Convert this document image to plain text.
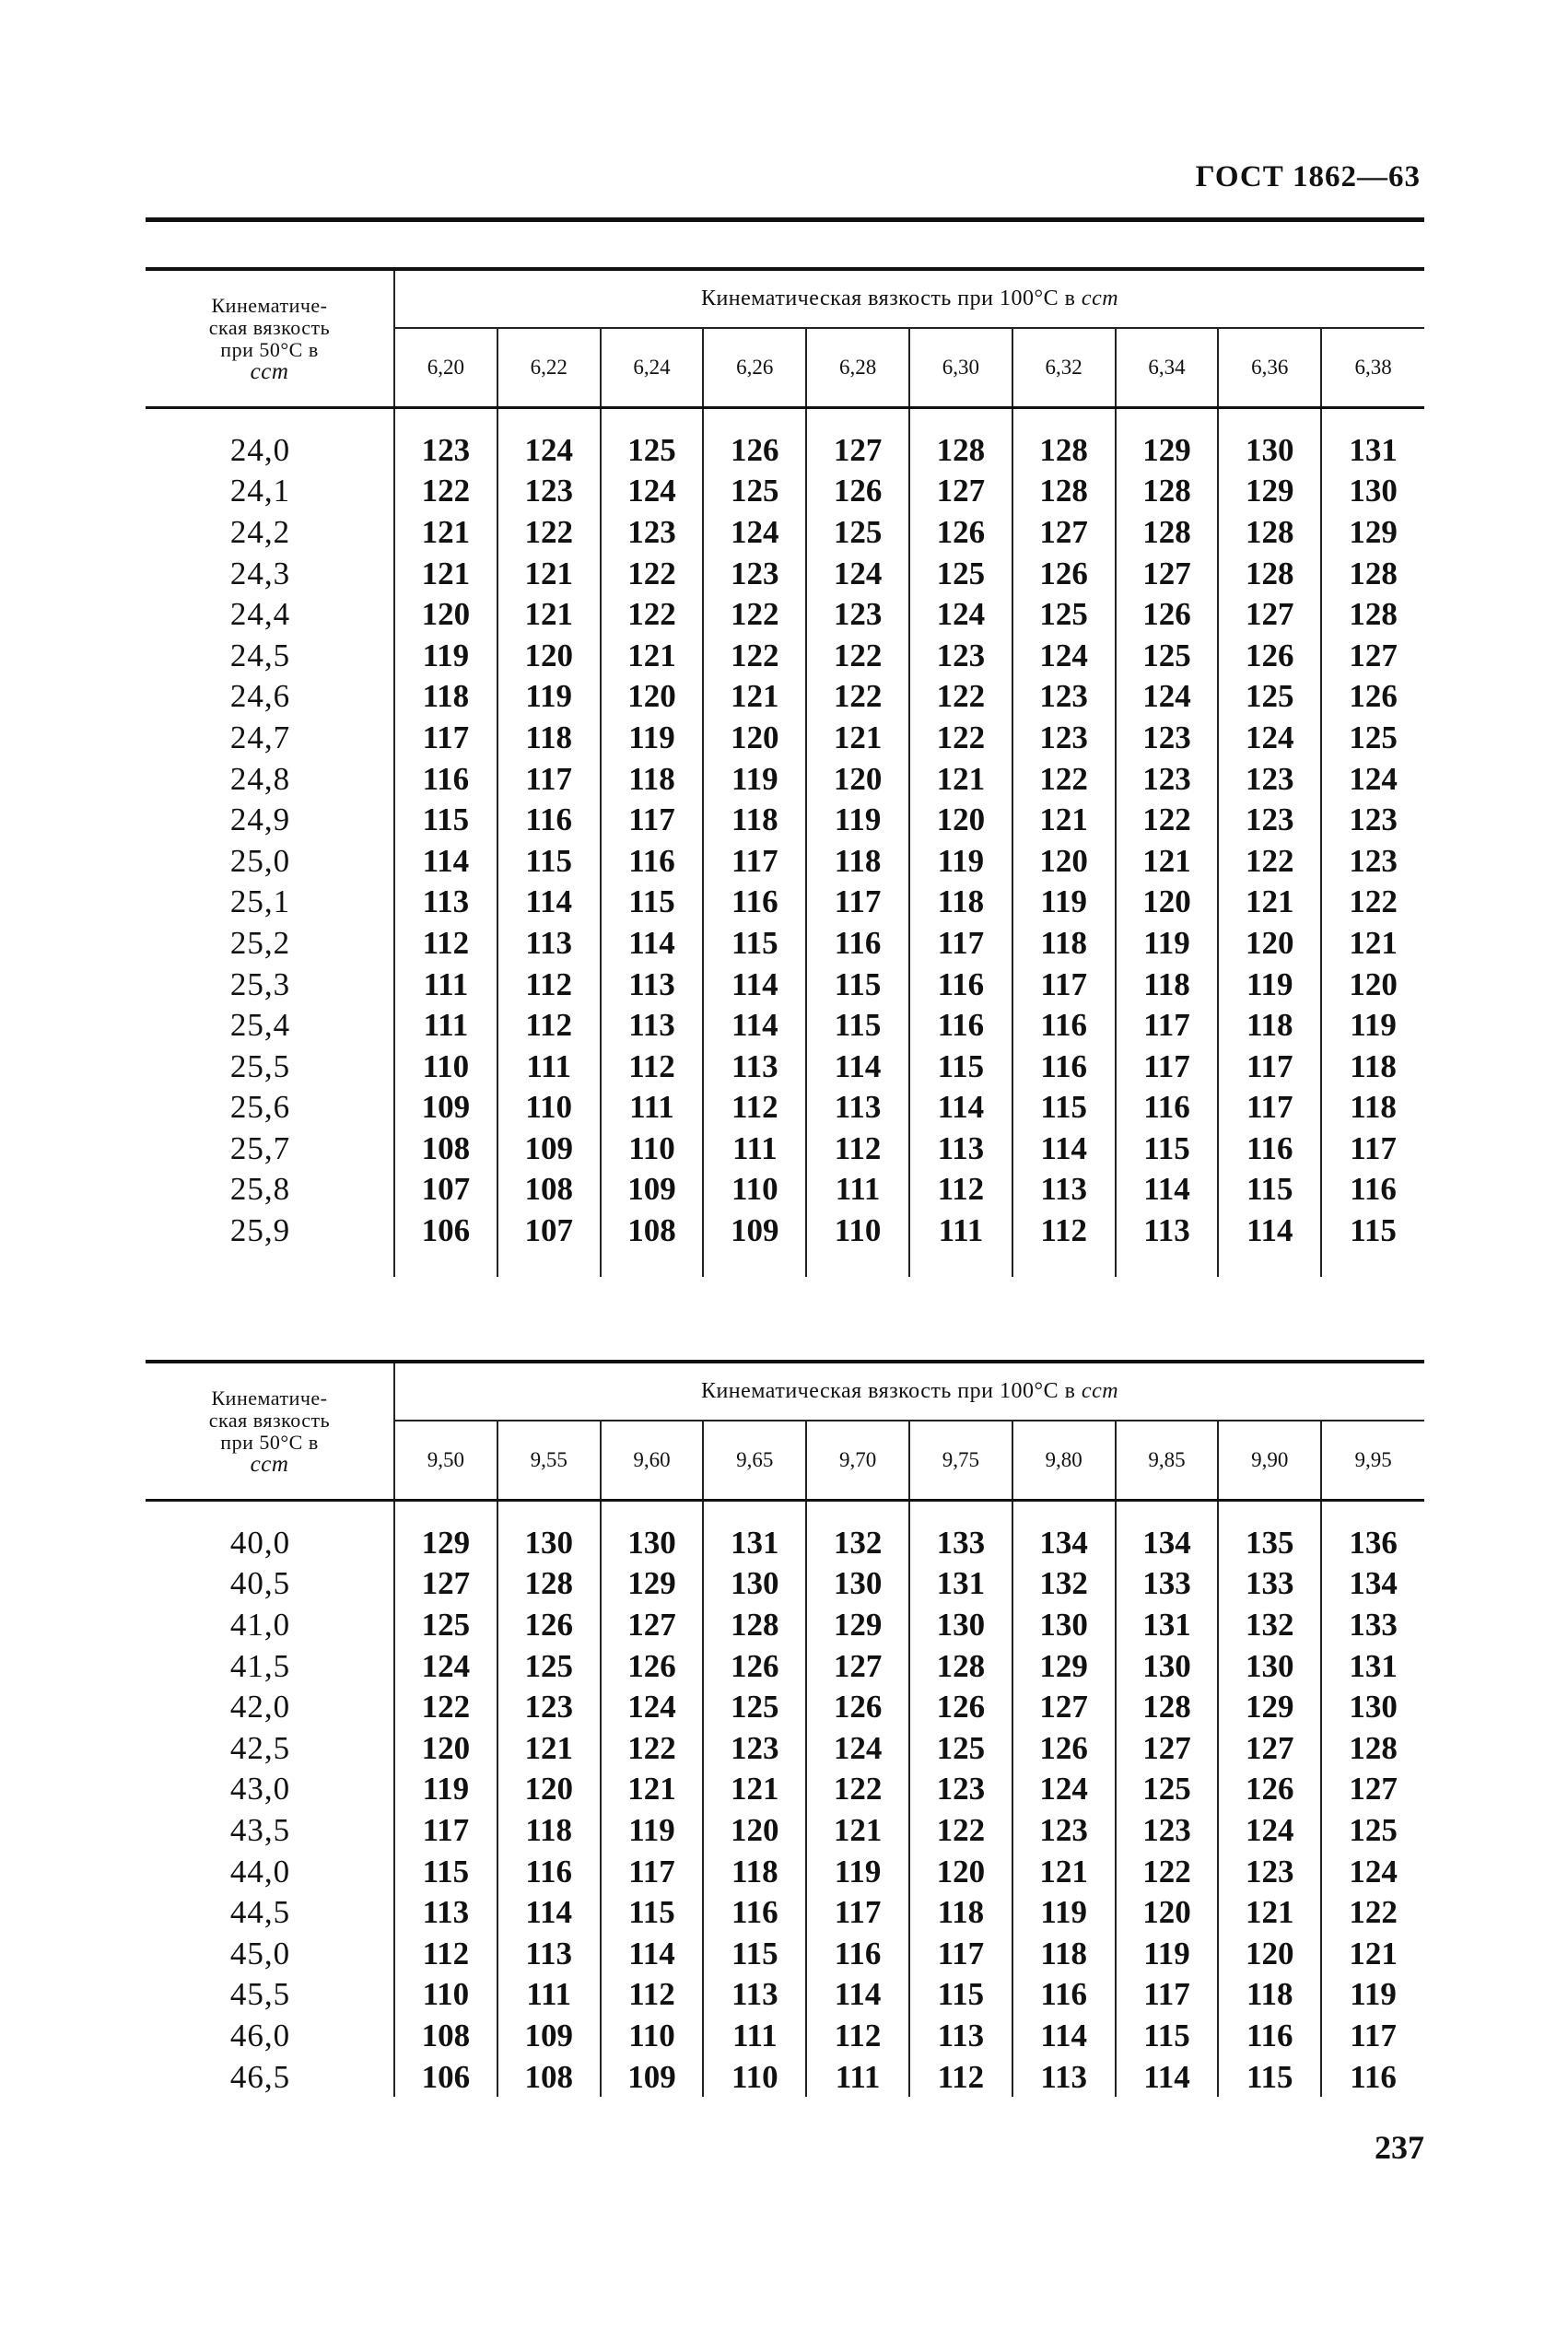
ГОСТ 1862—63

Кинематиче-
ская вязкость
при 50°С в
сст	Кинематическая вязкость при 100°С в сст									
	6,20	6,22	6,24	6,26	6,28	6,30	6,32	6,34	6,36	6,38

24,0	123	124	125	126	127	128	128	129	130	131
24,1	122	123	124	125	126	127	128	128	129	130
24,2	121	122	123	124	125	126	127	128	128	129
24,3	121	121	122	123	124	125	126	127	128	128
24,4	120	121	122	122	123	124	125	126	127	128
24,5	119	120	121	122	122	123	124	125	126	127
24,6	118	119	120	121	122	122	123	124	125	126
24,7	117	118	119	120	121	122	123	123	124	125
24,8	116	117	118	119	120	121	122	123	123	124
24,9	115	116	117	118	119	120	121	122	123	123
25,0	114	115	116	117	118	119	120	121	122	123
25,1	113	114	115	116	117	118	119	120	121	122
25,2	112	113	114	115	116	117	118	119	120	121
25,3	111	112	113	114	115	116	117	118	119	120
25,4	111	112	113	114	115	116	116	117	118	119
25,5	110	111	112	113	114	115	116	117	117	118
25,6	109	110	111	112	113	114	115	116	117	118
25,7	108	109	110	111	112	113	114	115	116	117
25,8	107	108	109	110	111	112	113	114	115	116
25,9	106	107	108	109	110	111	112	113	114	115

Кинематиче-
ская вязкость
при 50°С в
сст	Кинематическая вязкость при 100°С в сст									
	9,50	9,55	9,60	9,65	9,70	9,75	9,80	9,85	9,90	9,95

40,0	129	130	130	131	132	133	134	134	135	136
40,5	127	128	129	130	130	131	132	133	133	134
41,0	125	126	127	128	129	130	130	131	132	133
41,5	124	125	126	126	127	128	129	130	130	131
42,0	122	123	124	125	126	126	127	128	129	130
42,5	120	121	122	123	124	125	126	127	127	128
43,0	119	120	121	121	122	123	124	125	126	127
43,5	117	118	119	120	121	122	123	123	124	125
44,0	115	116	117	118	119	120	121	122	123	124
44,5	113	114	115	116	117	118	119	120	121	122
45,0	112	113	114	115	116	117	118	119	120	121
45,5	110	111	112	113	114	115	116	117	118	119
46,0	108	109	110	111	112	113	114	115	116	117
46,5	106	108	109	110	111	112	113	114	115	116
237
